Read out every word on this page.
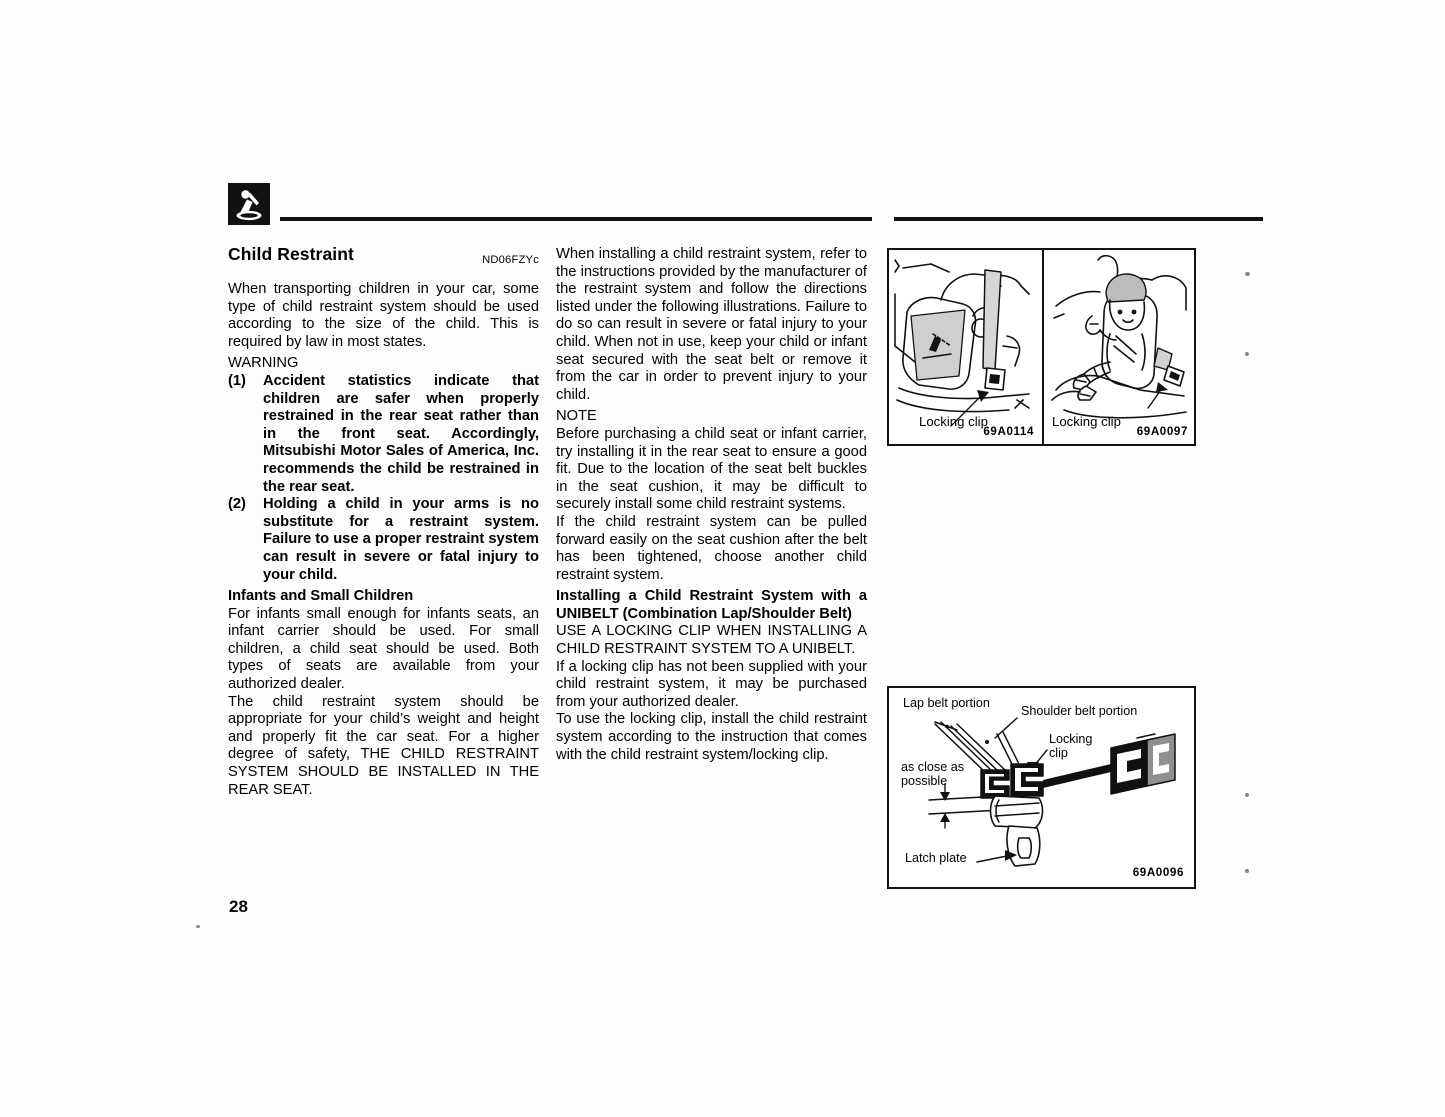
Child Restraint	ND06FZYc

When transporting children in your car, some type of child restraint system should be used according to the size of the child. This is required by law in most states.

WARNING
(1) Accident statistics indicate that children are safer when properly restrained in the rear seat rather than in the front seat. Accordingly, Mitsubishi Motor Sales of America, Inc. recommends the child be restrained in the rear seat.
(2) Holding a child in your arms is no substitute for a restraint system. Failure to use a proper restraint system can result in severe or fatal injury to your child.
Infants and Small Children

For infants small enough for infants seats, an infant carrier should be used. For small children, a child seat should be used. Both types of seats are available from your authorized dealer.

The child restraint system should be appropriate for your child’s weight and height and properly fit the car seat. For a higher degree of safety, THE CHILD RESTRAINT SYSTEM SHOULD BE INSTALLED IN THE REAR SEAT.

When installing a child restraint system, refer to the instructions provided by the manufacturer of the restraint system and follow the directions listed under the following illustrations. Failure to do so can result in severe or fatal injury to your child. When not in use, keep your child or infant seat secured with the seat belt or remove it from the car in order to prevent injury to your child.

NOTE

Before purchasing a child seat or infant carrier, try installing it in the rear seat to ensure a good fit. Due to the location of the seat belt buckles in the seat cushion, it may be difficult to securely install some child restraint systems.

If the child restraint system can be pulled forward easily on the seat cushion after the belt has been tightened, choose another child restraint system.

Installing a Child Restraint System with a UNIBELT (Combination Lap/Shoulder Belt)

USE A LOCKING CLIP WHEN INSTALLING A CHILD RESTRAINT SYSTEM TO A UNIBELT.

If a locking clip has not been supplied with your child restraint system, it may be purchased from your authorized dealer.

To use the locking clip, install the child restraint system according to the instruction that comes with the child restraint system/locking clip.

Locking clip
69A0114
Locking clip
69A0097
Lap belt portion
Shoulder belt portion
Locking
clip
as close as
possible
Latch plate
69A0096
28
